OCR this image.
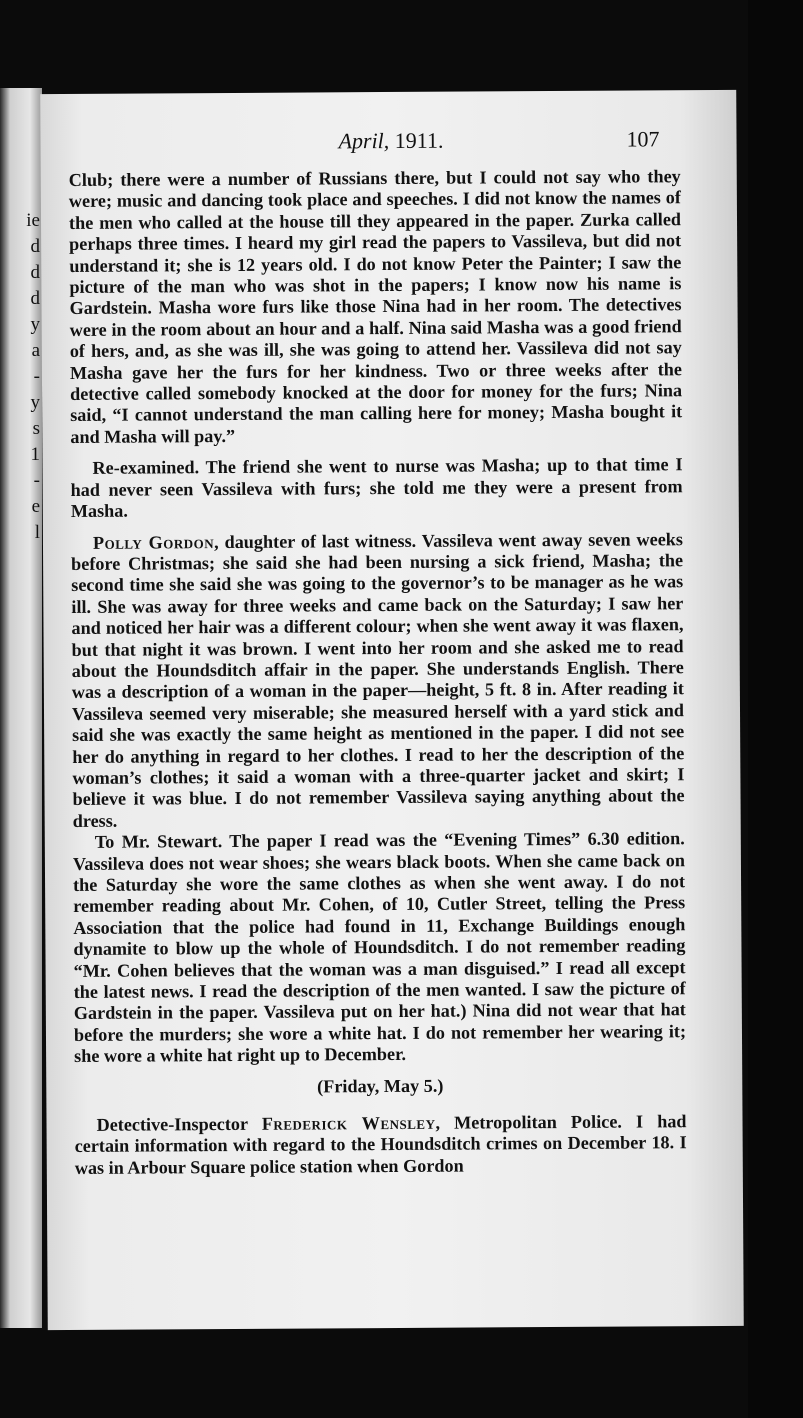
ie
d
d
d
y
a
-
y
s
1
-
e
l
April, 1911.	107

Club; there were a number of Russians there, but I could not say who they were; music and dancing took place and speeches. I did not know the names of the men who called at the house till they appeared in the paper. Zurka called perhaps three times. I heard my girl read the papers to Vassileva, but did not understand it; she is 12 years old. I do not know Peter the Painter; I saw the picture of the man who was shot in the papers; I know now his name is Gardstein. Masha wore furs like those Nina had in her room. The detectives were in the room about an hour and a half. Nina said Masha was a good friend of hers, and, as she was ill, she was going to attend her. Vassileva did not say Masha gave her the furs for her kindness. Two or three weeks after the detective called somebody knocked at the door for money for the furs; Nina said, “I cannot understand the man calling here for money; Masha bought it and Masha will pay.”

Re-examined. The friend she went to nurse was Masha; up to that time I had never seen Vassileva with furs; she told me they were a present from Masha.

Polly Gordon, daughter of last witness. Vassileva went away seven weeks before Christmas; she said she had been nursing a sick friend, Masha; the second time she said she was going to the governor’s to be manager as he was ill. She was away for three weeks and came back on the Saturday; I saw her and noticed her hair was a different colour; when she went away it was flaxen, but that night it was brown. I went into her room and she asked me to read about the Houndsditch affair in the paper. She understands English. There was a description of a woman in the paper—height, 5 ft. 8 in. After reading it Vassileva seemed very miserable; she measured herself with a yard stick and said she was exactly the same height as mentioned in the paper. I did not see her do anything in regard to her clothes. I read to her the description of the woman’s clothes; it said a woman with a three-quarter jacket and skirt; I believe it was blue. I do not remember Vassileva saying anything about the dress.

To Mr. Stewart. The paper I read was the “Evening Times” 6.30 edition. Vassileva does not wear shoes; she wears black boots. When she came back on the Saturday she wore the same clothes as when she went away. I do not remember reading about Mr. Cohen, of 10, Cutler Street, telling the Press Association that the police had found in 11, Exchange Buildings enough dynamite to blow up the whole of Houndsditch. I do not remember reading “Mr. Cohen believes that the woman was a man disguised.” I read all except the latest news. I read the description of the men wanted. I saw the picture of Gardstein in the paper. Vassileva put on her hat.) Nina did not wear that hat before the murders; she wore a white hat. I do not remember her wearing it; she wore a white hat right up to December.

(Friday, May 5.)

Detective-Inspector Frederick Wensley, Metropolitan Police. I had certain information with regard to the Houndsditch crimes on December 18. I was in Arbour Square police station when Gordon
